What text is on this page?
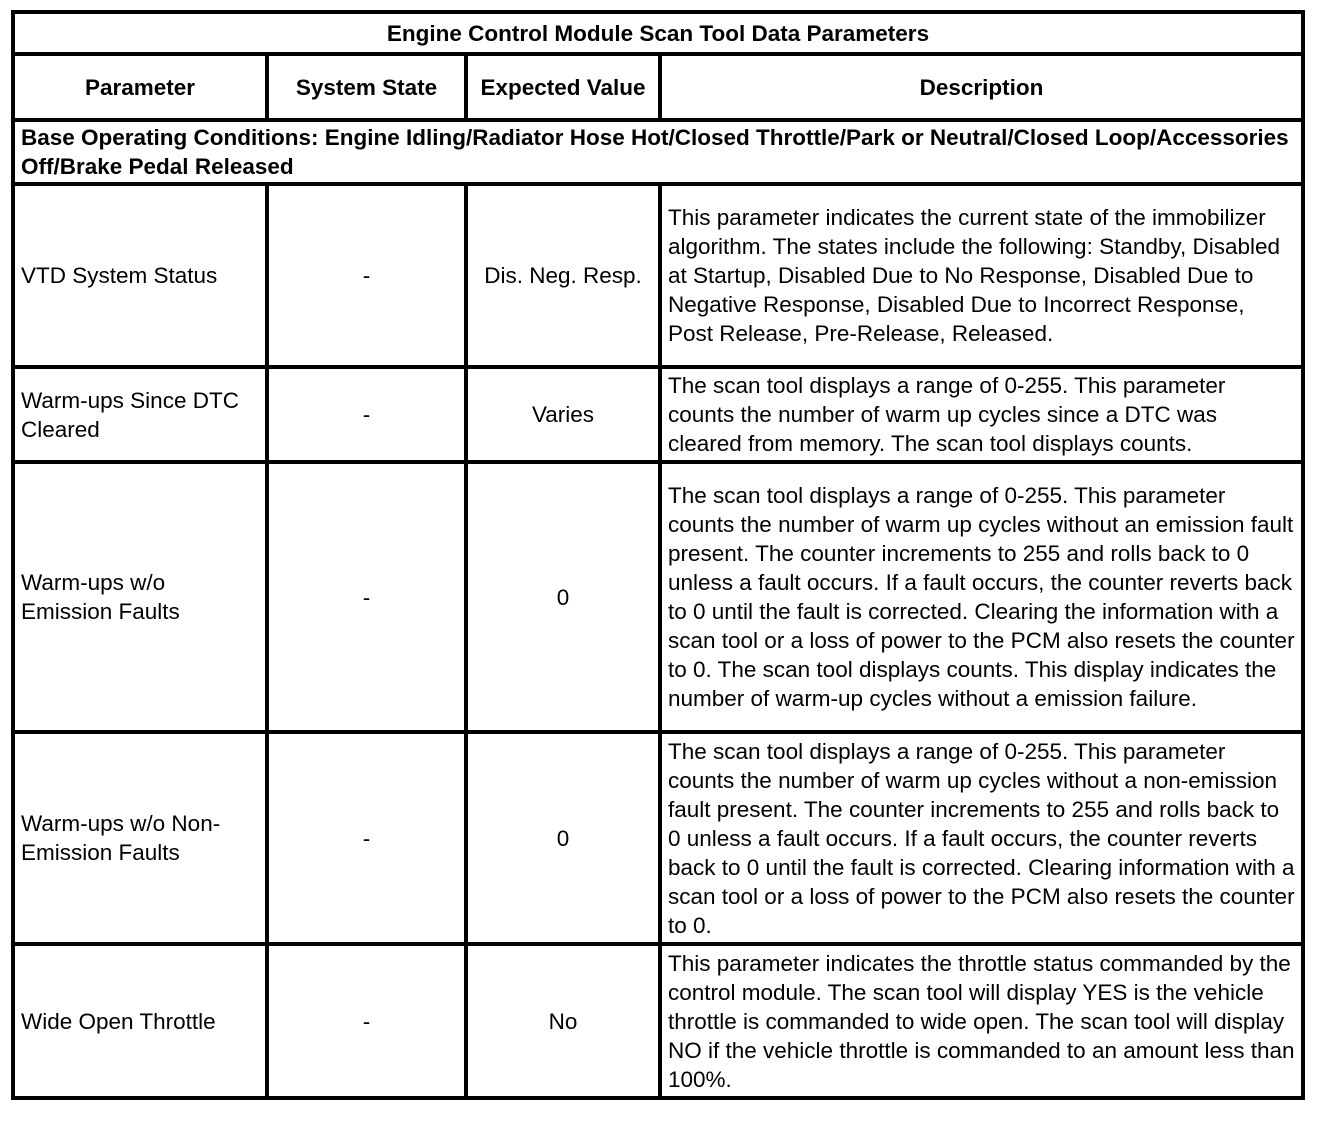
Engine Control Module Scan Tool Data Parameters			
Parameter	System State	Expected Value	Description
Base Operating Conditions: Engine Idling/Radiator Hose Hot/Closed Throttle/Park or Neutral/Closed Loop/Accessories Off/Brake Pedal Released			
VTD System Status	-	Dis. Neg. Resp.	This parameter indicates the current state of the immobilizer algorithm. The states include the following: Standby, Disabled at Startup, Disabled Due to No Response, Disabled Due to Negative Response, Disabled Due to Incorrect Response, Post Release, Pre-Release, Released.
Warm-ups Since DTC Cleared	-	Varies	The scan tool displays a range of 0-255. This parameter counts the number of warm up cycles since a DTC was cleared from memory. The scan tool displays counts.
Warm-ups w/o Emission Faults	-	0	The scan tool displays a range of 0-255. This parameter counts the number of warm up cycles without an emission fault present. The counter increments to 255 and rolls back to 0 unless a fault occurs. If a fault occurs, the counter reverts back to 0 until the fault is corrected. Clearing the information with a scan tool or a loss of power to the PCM also resets the counter to 0. The scan tool displays counts. This display indicates the number of warm-up cycles without a emission failure.
Warm-ups w/o Non-Emission Faults	-	0	The scan tool displays a range of 0-255. This parameter counts the number of warm up cycles without a non-emission fault present. The counter increments to 255 and rolls back to 0 unless a fault occurs. If a fault occurs, the counter reverts back to 0 until the fault is corrected. Clearing information with a scan tool or a loss of power to the PCM also resets the counter to 0.
Wide Open Throttle	-	No	This parameter indicates the throttle status commanded by the control module. The scan tool will display YES is the vehicle throttle is commanded to wide open. The scan tool will display NO if the vehicle throttle is commanded to an amount less than 100%.
